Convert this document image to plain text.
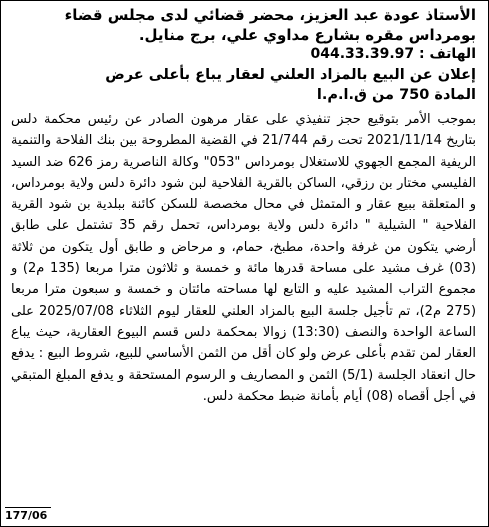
الأستاذ عودة عبد العزيز، محضر قضائي لدى مجلس قضاء
بومرداس مقره بشارع مداوي علي، برج منايل.
الهاتف : 044.33.39.97
إعلان عن البيع بالمزاد العلني لعقار يباع بأعلى عرض
المادة 750 من ق.ا.م.ا
بموجب الأمر بتوقيع حجز تنفيذي على عقار مرهون الصادر عن رئيس محكمة دلس بتاريخ 2021/11/14 تحت رقم 21/744 في القضية المطروحة بين بنك الفلاحة والتنمية الريفية المجمع الجهوي للاستغلال بومرداس "053" وكالة الناصرية رمز 626 ضد السيد الفليسي مختار بن رزقي، الساكن بالقرية الفلاحية لبن شود دائرة دلس ولاية بومرداس، و المتعلقة ببيع عقار و المتمثل في محال مخصصة للسكن كائنة ببلدية بن شود القرية الفلاحية " الشيلية " دائرة دلس ولاية بومرداس، تحمل رقم 35 تشتمل على طابق أرضي يتكون من غرفة واحدة، مطبخ، حمام، و مرحاض و طابق أول يتكون من ثلاثة (03) غرف مشيد على مساحة قدرها مائة و خمسة و ثلاثون مترا مربعا (135 م2) و مجموع التراب المشيد عليه و التابع لها مساحته مائتان و خمسة و سبعون مترا مربعا (275 م2)، تم تأجيل جلسة البيع بالمزاد العلني للعقار ليوم الثلاثاء 2025/07/08 على الساعة الواحدة والنصف (13:30) زوالا بمحكمة دلس قسم البيوع العقارية، حيث يباع العقار لمن تقدم بأعلى عرض ولو كان أقل من الثمن الأساسي للبيع، شروط البيع : يدفع حال انعقاد الجلسة (5/1) الثمن و المصاريف و الرسوم المستحقة و يدفع المبلغ المتبقي في أجل أقصاه (08) أيام بأمانة ضبط محكمة دلس.
177/06
